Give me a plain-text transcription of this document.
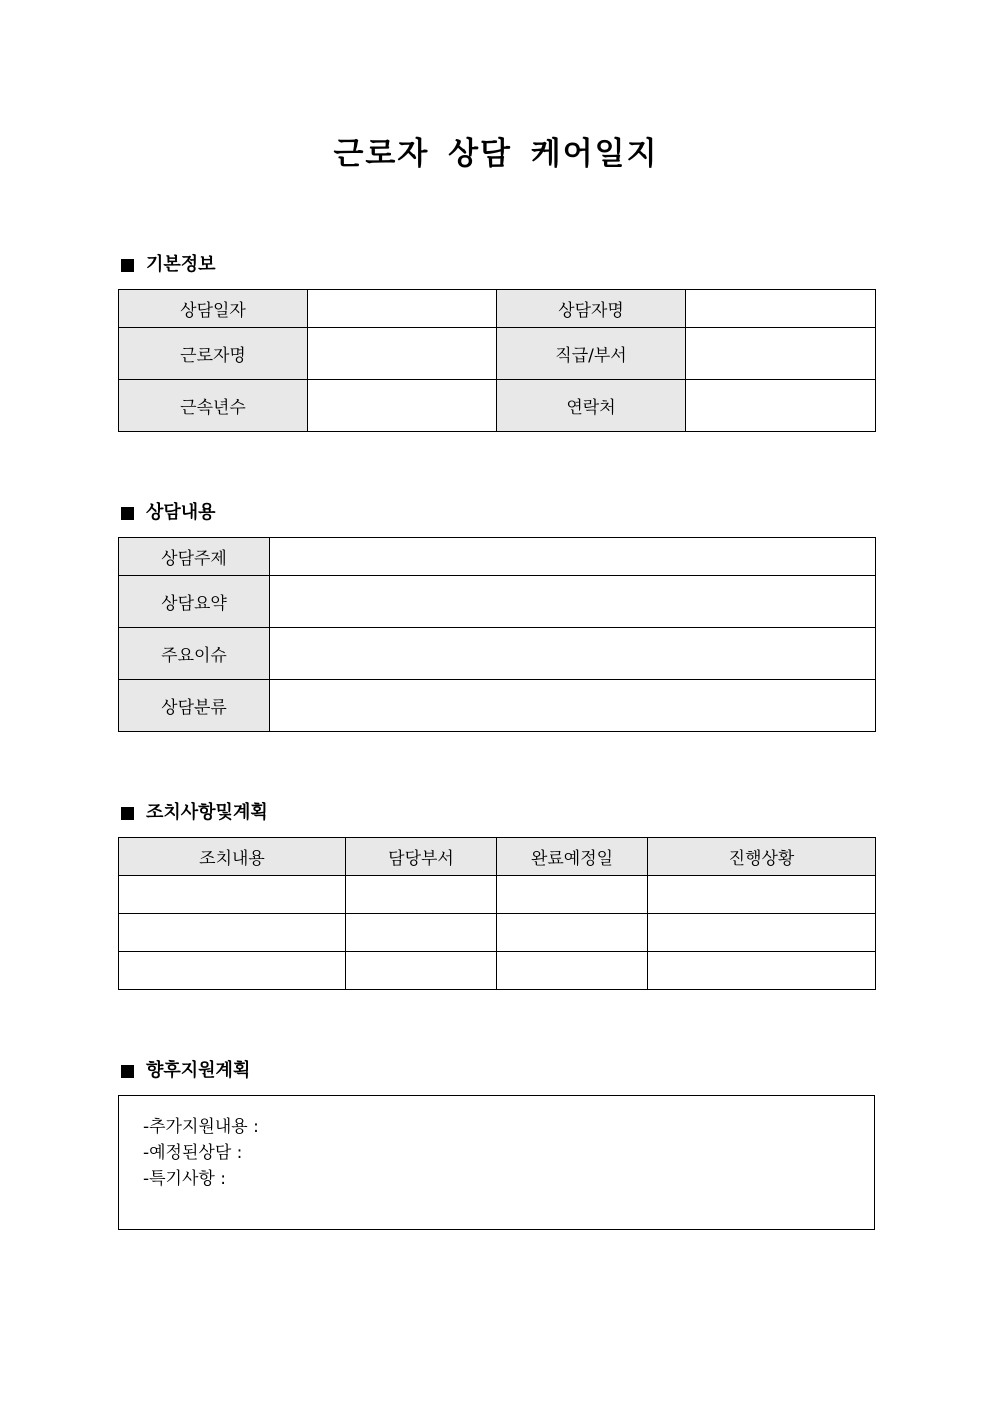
근로자 상담 케어일지
기본정보
상담일자		상담자명	
근로자명		직급/부서	
근속년수		연락처	
상담내용
상담주제	
상담요약	
주요이슈	
상담분류	
조치사항및계획
조치내용	담당부서	완료예정일	진행상황

향후지원계획
-추가지원내용 :
-예정된상담 :
-특기사항 :
